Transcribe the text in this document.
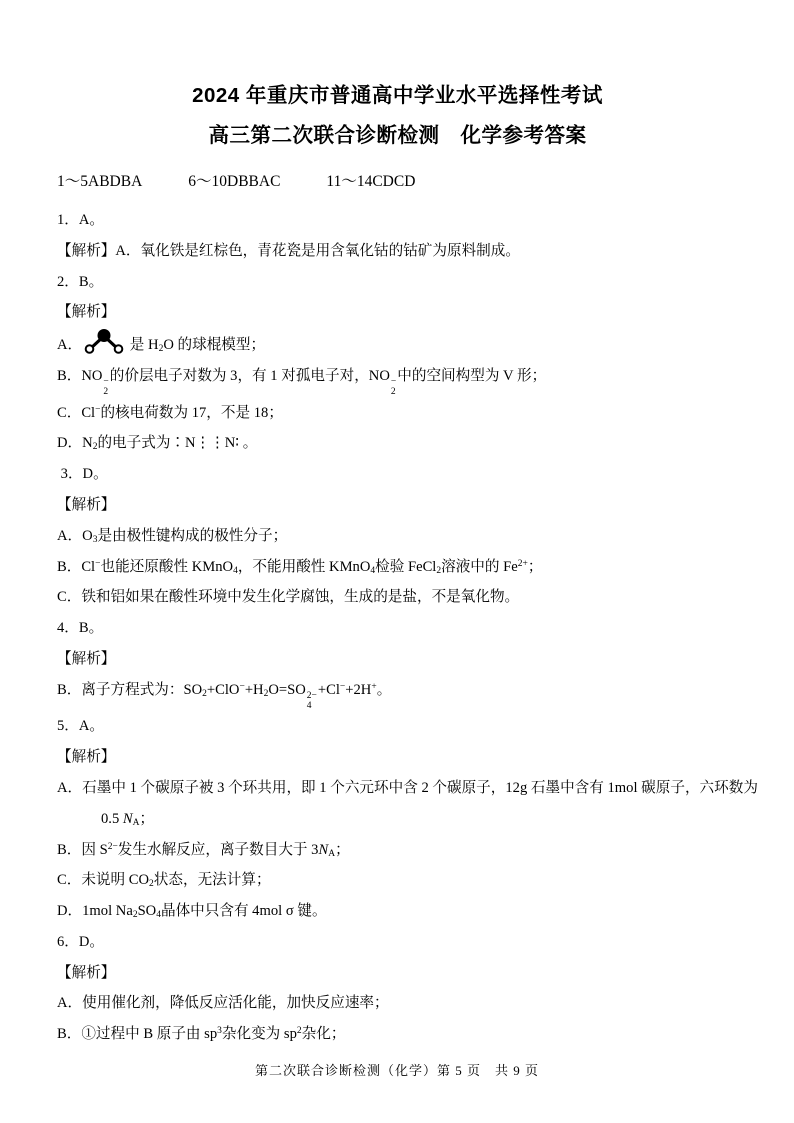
2024 年重庆市普通高中学业水平选择性考试
高三第二次联合诊断检测　化学参考答案
1～5ABDBA	6～10DBBAC	11～14CDCD

1．A。

【解析】A．氧化铁是红棕色，青花瓷是用含氧化钴的钴矿为原料制成。

2．B。

【解析】

A．	是 $H_2O$ 的球棍模型；

B．NO −
2
的价层电子对数为 3，有 1 对孤电子对，NO −
2
中的空间构型为 V 形；

C．Cl−的核电荷数为 17，不是 18；

D．$N_2$的电子式为∶N⋮⋮N∶ 。

3．D。

【解析】

A．$O_3$是由极性键构成的极性分子；

B．Cl−也能还原酸性 KMnO$_4$，不能用酸性 KMnO$_4$检验 FeCl$_2$溶液中的 $Fe^{2+}$；

C．铁和铝如果在酸性环境中发生化学腐蚀，生成的是盐，不是氧化物。

4．B。

【解析】

B．离子方程式为：$SO_2+ClO^-+H_2O=SO$ 2−
4
+Cl−+2H+。

5．A。

【解析】

A．石墨中 1 个碳原子被 3 个环共用，即 1 个六元环中含 2 个碳原子，12g 石墨中含有 1mol 碳原子，六环数为

0.5 $N_A$；

B．因 $S^{2-}$发生水解反应，离子数目大于 $3N_A$；

C．未说明 $CO_2$状态，无法计算；

D．1mol $Na_2SO_4$晶体中只含有 4mol σ 键。

6．D。

【解析】

A．使用催化剂，降低反应活化能，加快反应速率；

B．①过程中 B 原子由 $sp^3$杂化变为 $sp^2$杂化；

第二次联合诊断检测（化学）第 5 页　共 9 页
